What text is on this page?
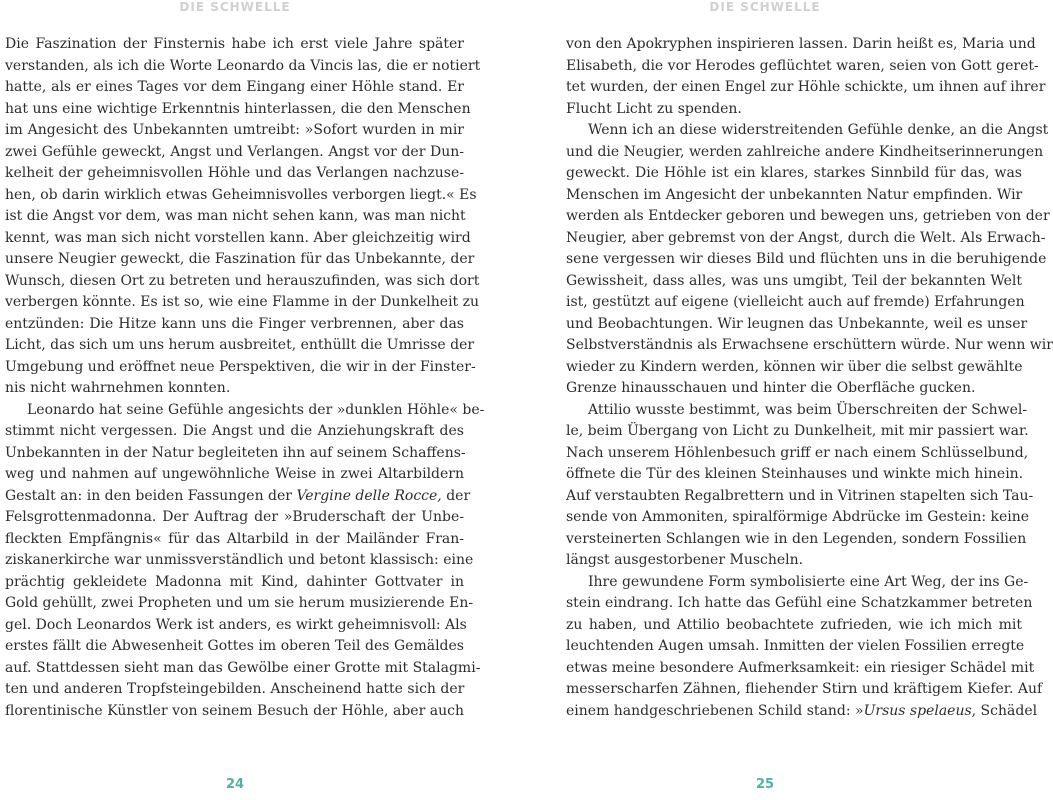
DIE SCHWELLE
Die Faszination der Finsternis habe ich erst viele Jahre später
verstanden, als ich die Worte Leonardo da Vincis las, die er notiert
hatte, als er eines Tages vor dem Eingang einer Höhle stand. Er
hat uns eine wichtige Erkenntnis hinterlassen, die den Menschen
im Angesicht des Unbekannten umtreibt: »Sofort wurden in mir
zwei Gefühle geweckt, Angst und Verlangen. Angst vor der Dun-
kelheit der geheimnisvollen Höhle und das Verlangen nachzuse-
hen, ob darin wirklich etwas Geheimnisvolles verborgen liegt.« Es
ist die Angst vor dem, was man nicht sehen kann, was man nicht
kennt, was man sich nicht vorstellen kann. Aber gleichzeitig wird
unsere Neugier geweckt, die Faszination für das Unbekannte, der
Wunsch, diesen Ort zu betreten und herauszufinden, was sich dort
verbergen könnte. Es ist so, wie eine Flamme in der Dunkelheit zu
entzünden: Die Hitze kann uns die Finger verbrennen, aber das
Licht, das sich um uns herum ausbreitet, enthüllt die Umrisse der
Umgebung und eröffnet neue Perspektiven, die wir in der Finster-
nis nicht wahrnehmen konnten.
Leonardo hat seine Gefühle angesichts der »dunklen Höhle« be-
stimmt nicht vergessen. Die Angst und die Anziehungskraft des
Unbekannten in der Natur begleiteten ihn auf seinem Schaffens-
weg und nahmen auf ungewöhnliche Weise in zwei Altarbildern
Gestalt an: in den beiden Fassungen der Vergine delle Rocce, der
Felsgrottenmadonna. Der Auftrag der »Bruderschaft der Unbe-
fleckten Empfängnis« für das Altarbild in der Mailänder Fran-
ziskanerkirche war unmissverständlich und betont klassisch: eine
prächtig gekleidete Madonna mit Kind, dahinter Gottvater in
Gold gehüllt, zwei Propheten und um sie herum musizierende En-
gel. Doch Leonardos Werk ist anders, es wirkt geheimnisvoll: Als
erstes fällt die Abwesenheit Gottes im oberen Teil des Gemäldes
auf. Stattdessen sieht man das Gewölbe einer Grotte mit Stalagmi-
ten und anderen Tropfsteingebilden. Anscheinend hatte sich der
florentinische Künstler von seinem Besuch der Höhle, aber auch
24
DIE SCHWELLE
von den Apokryphen inspirieren lassen. Darin heißt es, Maria und
Elisabeth, die vor Herodes geflüchtet waren, seien von Gott geret-
tet wurden, der einen Engel zur Höhle schickte, um ihnen auf ihrer
Flucht Licht zu spenden.
Wenn ich an diese widerstreitenden Gefühle denke, an die Angst
und die Neugier, werden zahlreiche andere Kindheitserinnerungen
geweckt. Die Höhle ist ein klares, starkes Sinnbild für das, was
Menschen im Angesicht der unbekannten Natur empfinden. Wir
werden als Entdecker geboren und bewegen uns, getrieben von der
Neugier, aber gebremst von der Angst, durch die Welt. Als Erwach-
sene vergessen wir dieses Bild und flüchten uns in die beruhigende
Gewissheit, dass alles, was uns umgibt, Teil der bekannten Welt
ist, gestützt auf eigene (vielleicht auch auf fremde) Erfahrungen
und Beobachtungen. Wir leugnen das Unbekannte, weil es unser
Selbstverständnis als Erwachsene erschüttern würde. Nur wenn wir
wieder zu Kindern werden, können wir über die selbst gewählte
Grenze hinausschauen und hinter die Oberfläche gucken.
Attilio wusste bestimmt, was beim Überschreiten der Schwel-
le, beim Übergang von Licht zu Dunkelheit, mit mir passiert war.
Nach unserem Höhlenbesuch griff er nach einem Schlüsselbund,
öffnete die Tür des kleinen Steinhauses und winkte mich hinein.
Auf verstaubten Regalbrettern und in Vitrinen stapelten sich Tau-
sende von Ammoniten, spiralförmige Abdrücke im Gestein: keine
versteinerten Schlangen wie in den Legenden, sondern Fossilien
längst ausgestorbener Muscheln.
Ihre gewundene Form symbolisierte eine Art Weg, der ins Ge-
stein eindrang. Ich hatte das Gefühl eine Schatzkammer betreten
zu haben, und Attilio beobachtete zufrieden, wie ich mich mit
leuchtenden Augen umsah. Inmitten der vielen Fossilien erregte
etwas meine besondere Aufmerksamkeit: ein riesiger Schädel mit
messerscharfen Zähnen, fliehender Stirn und kräftigem Kiefer. Auf
einem handgeschriebenen Schild stand: »Ursus spelaeus, Schädel
25
